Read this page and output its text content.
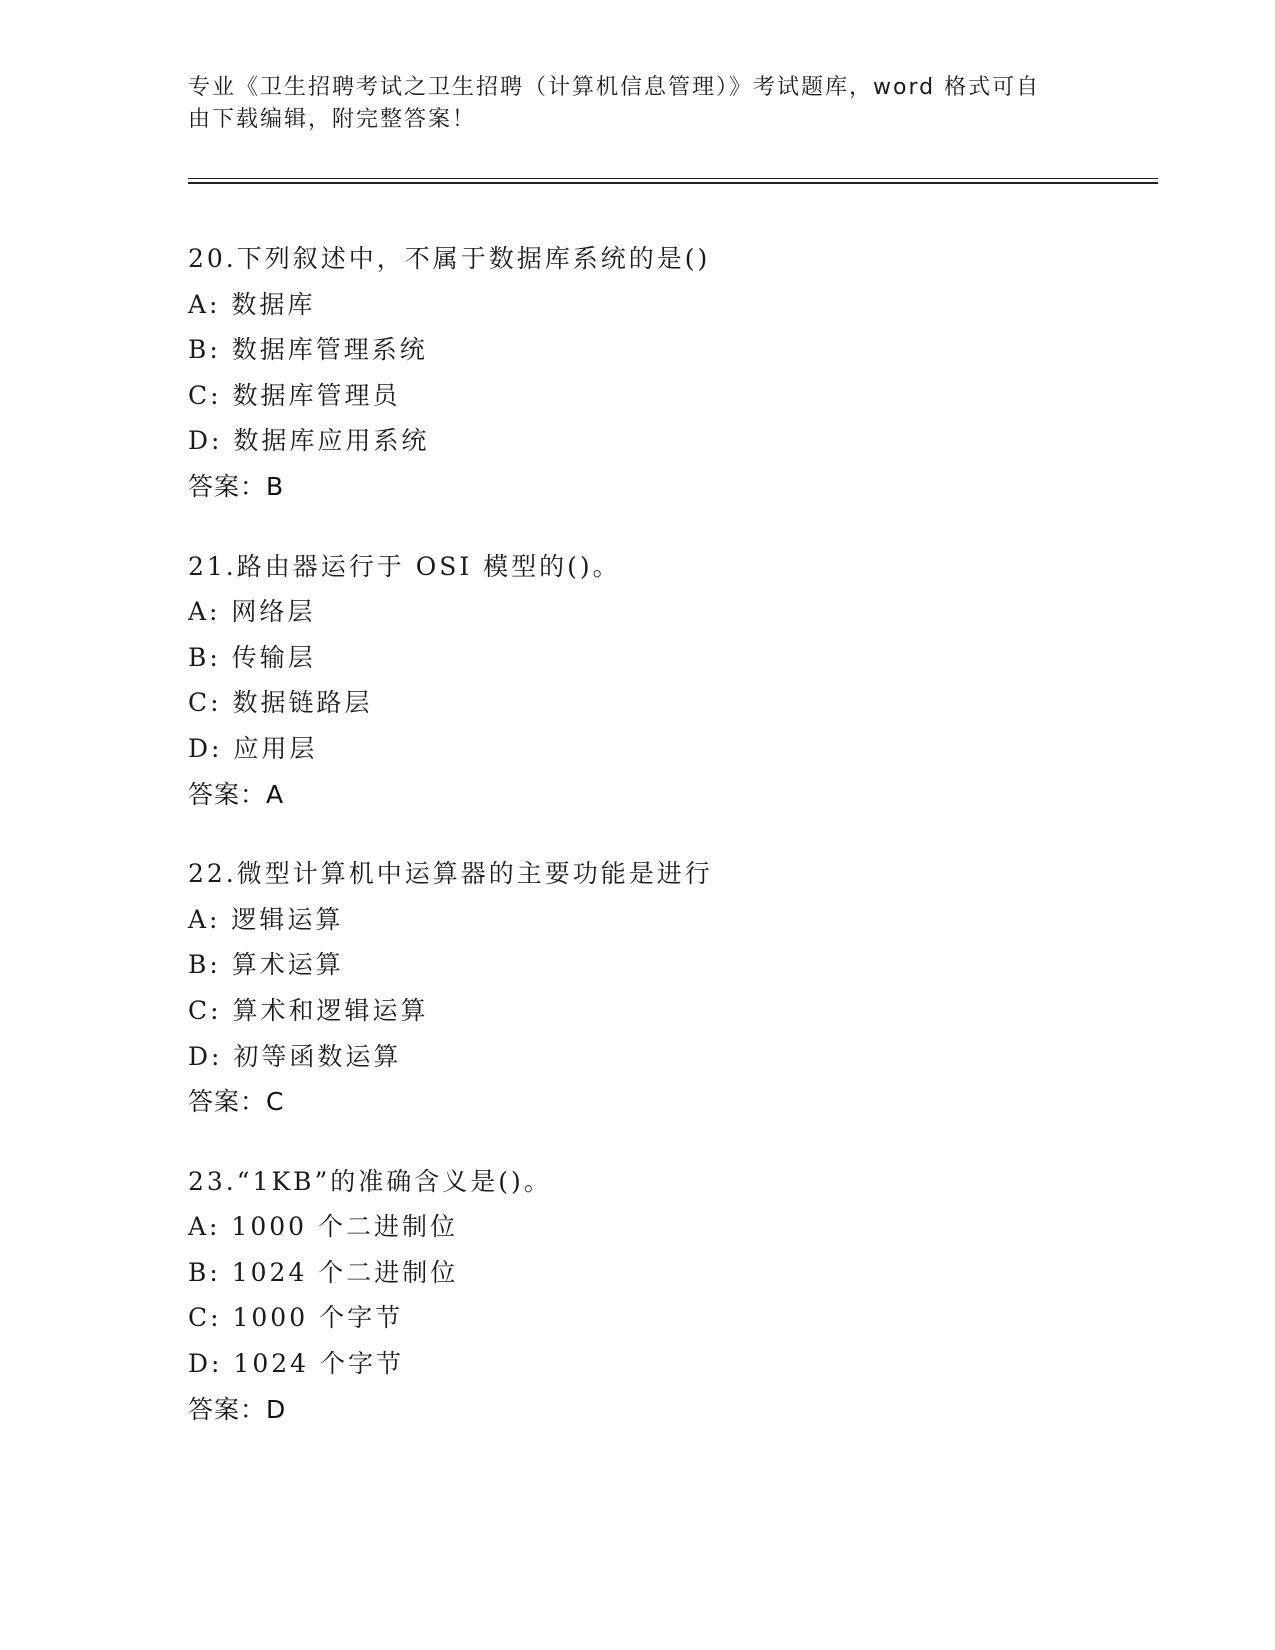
专业《卫生招聘考试之卫生招聘（计算机信息管理）》考试题库，word 格式可自
由下载编辑，附完整答案！
20.下列叙述中，不属于数据库系统的是()
A: 数据库
B: 数据库管理系统
C: 数据库管理员
D: 数据库应用系统
答案：B
21.路由器运行于 OSI 模型的()。
A: 网络层
B: 传输层
C: 数据链路层
D: 应用层
答案：A
22.微型计算机中运算器的主要功能是进行
A: 逻辑运算
B: 算术运算
C: 算术和逻辑运算
D: 初等函数运算
答案：C
23.“1KB”的准确含义是()。
A: 1000 个二进制位
B: 1024 个二进制位
C: 1000 个字节
D: 1024 个字节
答案：D
